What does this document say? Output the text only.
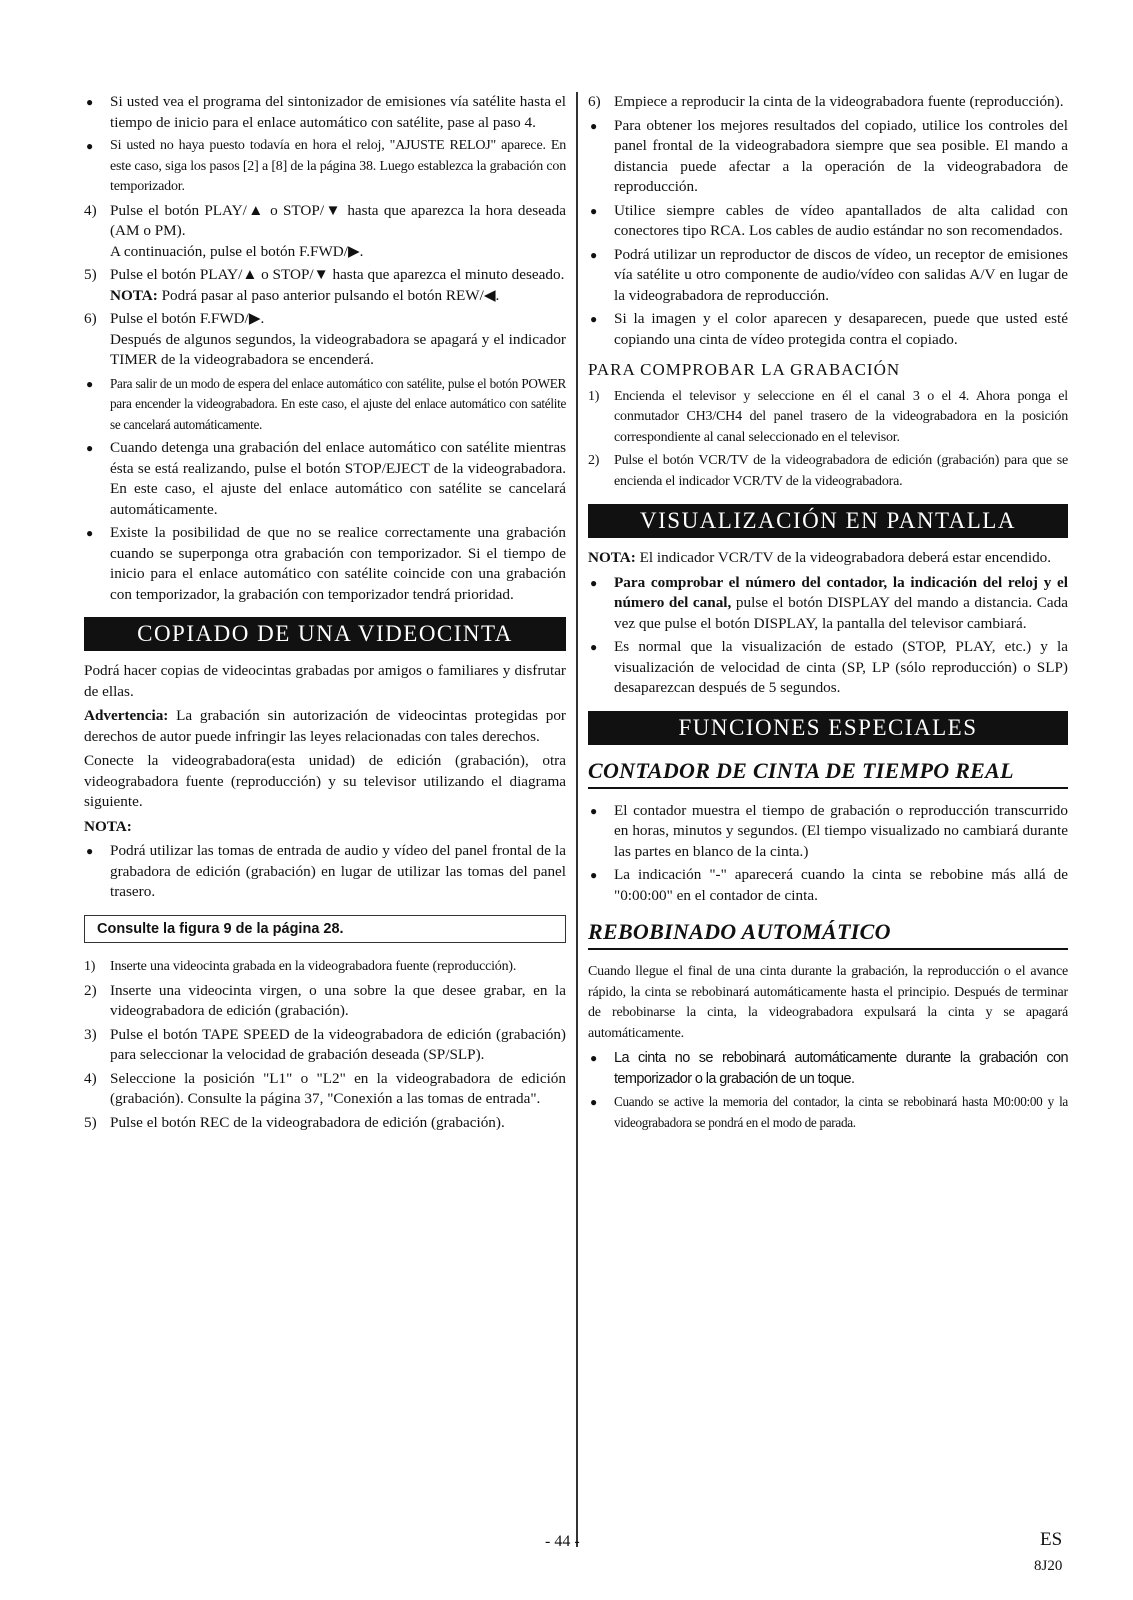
● Si usted vea el programa del sintonizador de emisiones vía satélite hasta el tiempo de inicio para el enlace automático con satélite, pase al paso 4.
● Si usted no haya puesto todavía en hora el reloj, "AJUSTE RELOJ" aparece. En este caso, siga los pasos [2] a [8] de la página 38. Luego establezca la grabación con temporizador.
4) Pulse el botón PLAY/▲ o STOP/▼ hasta que aparezca la hora deseada (AM o PM).
A continuación, pulse el botón F.FWD/▶.
5) Pulse el botón PLAY/▲ o STOP/▼ hasta que aparezca el minuto deseado.
NOTA: Podrá pasar al paso anterior pulsando el botón REW/◀.
6) Pulse el botón F.FWD/▶.
Después de algunos segundos, la videograbadora se apagará y el indicador TIMER de la videograbadora se encenderá.
● Para salir de un modo de espera del enlace automático con satélite, pulse el botón POWER para encender la videograbadora. En este caso, el ajuste del enlace automático con satélite se cancelará automáticamente.
● Cuando detenga una grabación del enlace automático con satélite mientras ésta se está realizando, pulse el botón STOP/EJECT de la videograbadora. En este caso, el ajuste del enlace automático con satélite se cancelará automáticamente.
● Existe la posibilidad de que no se realice correctamente una grabación cuando se superponga otra grabación con temporizador. Si el tiempo de inicio para el enlace automático con satélite coincide con una grabación con temporizador, la grabación con temporizador tendrá prioridad.
COPIADO DE UNA VIDEOCINTA

Podrá hacer copias de videocintas grabadas por amigos o familiares y disfrutar de ellas.

Advertencia: La grabación sin autorización de videocintas protegidas por derechos de autor puede infringir las leyes relacionadas con tales derechos.

Conecte la videograbadora(esta unidad) de edición (grabación), otra videograbadora fuente (reproducción) y su televisor utilizando el diagrama siguiente.

NOTA:

● Podrá utilizar las tomas de entrada de audio y vídeo del panel frontal de la grabadora de edición (grabación) en lugar de utilizar las tomas del panel trasero.
Consulte la figura 9 de la página 28.
1) Inserte una videocinta grabada en la videograbadora fuente (reproducción).
2) Inserte una videocinta virgen, o una sobre la que desee grabar, en la videograbadora de edición (grabación).
3) Pulse el botón TAPE SPEED de la videograbadora de edición (grabación) para seleccionar la velocidad de grabación deseada (SP/SLP).
4) Seleccione la posición "L1" o "L2" en la videograbadora de edición (grabación). Consulte la página 37, "Conexión a las tomas de entrada".
5) Pulse el botón REC de la videograbadora de edición (grabación).
6) Empiece a reproducir la cinta de la videograbadora fuente (reproducción).
● Para obtener los mejores resultados del copiado, utilice los controles del panel frontal de la videograbadora siempre que sea posible. El mando a distancia puede afectar a la operación de la videograbadora de reproducción.
● Utilice siempre cables de vídeo apantallados de alta calidad con conectores tipo RCA. Los cables de audio estándar no son recomendados.
● Podrá utilizar un reproductor de discos de vídeo, un receptor de emisiones vía satélite u otro componente de audio/vídeo con salidas A/V en lugar de la videograbadora de reproducción.
● Si la imagen y el color aparecen y desaparecen, puede que usted esté copiando una cinta de vídeo protegida contra el copiado.
PARA COMPROBAR LA GRABACIÓN
1) Encienda el televisor y seleccione en él el canal 3 o el 4. Ahora ponga el conmutador CH3/CH4 del panel trasero de la videograbadora en la posición correspondiente al canal seleccionado en el televisor.
2) Pulse el botón VCR/TV de la videograbadora de edición (grabación) para que se encienda el indicador VCR/TV de la videograbadora.
VISUALIZACIÓN EN PANTALLA

NOTA: El indicador VCR/TV de la videograbadora deberá estar encendido.

● Para comprobar el número del contador, la indicación del reloj y el número del canal, pulse el botón DISPLAY del mando a distancia. Cada vez que pulse el botón DISPLAY, la pantalla del televisor cambiará.
● Es normal que la visualización de estado (STOP, PLAY, etc.) y la visualización de velocidad de cinta (SP, LP (sólo reproducción) o SLP) desaparezcan después de 5 segundos.
FUNCIONES ESPECIALES
CONTADOR DE CINTA DE TIEMPO REAL
● El contador muestra el tiempo de grabación o reproducción transcurrido en horas, minutos y segundos. (El tiempo visualizado no cambiará durante las partes en blanco de la cinta.)
● La indicación "-" aparecerá cuando la cinta se rebobine más allá de "0:00:00" en el contador de cinta.
REBOBINADO AUTOMÁTICO

Cuando llegue el final de una cinta durante la grabación, la reproducción o el avance rápido, la cinta se rebobinará automáticamente hasta el principio. Después de terminar de rebobinarse la cinta, la videograbadora expulsará la cinta y se apagará automáticamente.

● La cinta no se rebobinará automáticamente durante la grabación con temporizador o la grabación de un toque.
● Cuando se active la memoria del contador, la cinta se rebobinará hasta M0:00:00 y la videograbadora se pondrá en el modo de parada.
- 44 -	ES
8J20
